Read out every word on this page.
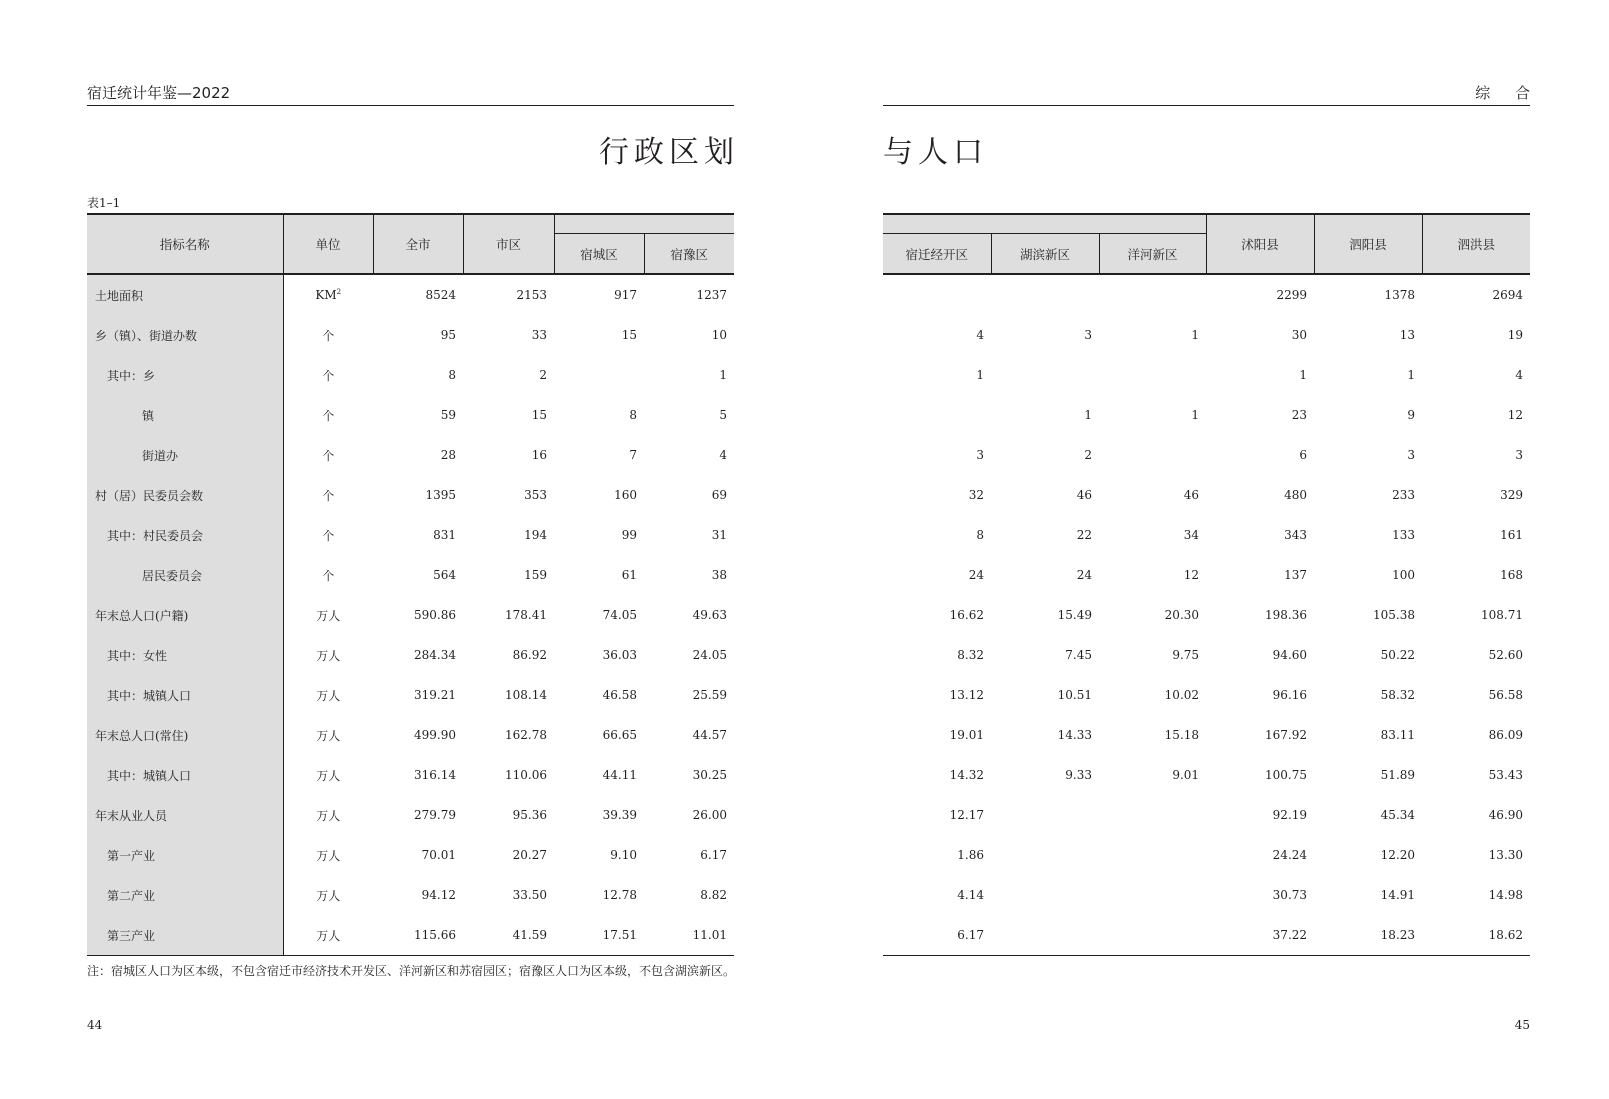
宿迁统计年鉴—2022
行政区划
表1–1
指标名称	单位	全市	市区		
				宿城区	宿豫区
土地面积	$KM^2$	8524	2153	917	1237
乡（镇）、街道办数	个	95	33	15	10
其中：乡	个	8	2		1
镇	个	59	15	8	5
街道办	个	28	16	7	4
村（居）民委员会数	个	1395	353	160	69
其中：村民委员会	个	831	194	99	31
居民委员会	个	564	159	61	38
年末总人口(户籍)	万人	590.86	178.41	74.05	49.63
其中：女性	万人	284.34	86.92	36.03	24.05
其中：城镇人口	万人	319.21	108.14	46.58	25.59
年末总人口(常住)	万人	499.90	162.78	66.65	44.57
其中：城镇人口	万人	316.14	110.06	44.11	30.25
年末从业人员	万人	279.79	95.36	39.39	26.00
第一产业	万人	70.01	20.27	9.10	6.17
第二产业	万人	94.12	33.50	12.78	8.82
第三产业	万人	115.66	41.59	17.51	11.01
注：宿城区人口为区本级，不包含宿迁市经济技术开发区、洋河新区和苏宿园区；宿豫区人口为区本级，不包含湖滨新区。
44
综 合
与人口
			沭阳县	泗阳县	泗洪县
宿迁经开区	湖滨新区	洋河新区			
			2299	1378	2694
4	3	1	30	13	19
1			1	1	4
	1	1	23	9	12
3	2		6	3	3
32	46	46	480	233	329
8	22	34	343	133	161
24	24	12	137	100	168
16.62	15.49	20.30	198.36	105.38	108.71
8.32	7.45	9.75	94.60	50.22	52.60
13.12	10.51	10.02	96.16	58.32	56.58
19.01	14.33	15.18	167.92	83.11	86.09
14.32	9.33	9.01	100.75	51.89	53.43
12.17			92.19	45.34	46.90
1.86			24.24	12.20	13.30
4.14			30.73	14.91	14.98
6.17			37.22	18.23	18.62
45
